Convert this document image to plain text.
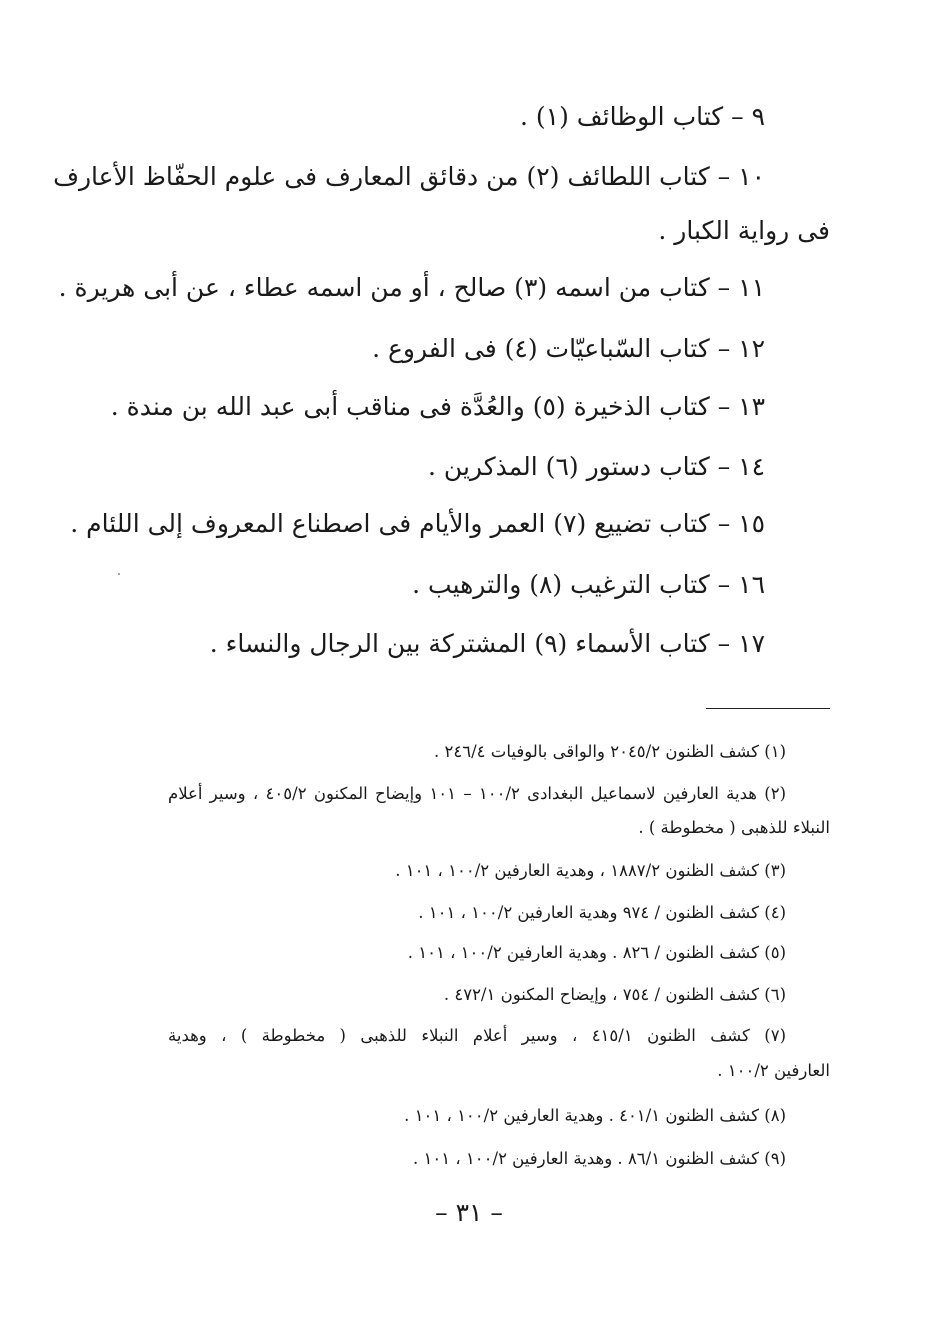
٩ – كتاب الوظائف (١) .
١٠ – كتاب اللطائف (٢) من دقائق المعارف فى علوم الحفّاظ الأعارف
فى رواية الكبار .
١١ – كتاب من اسمه (٣) صالح ، أو من اسمه عطاء ، عن أبى هريرة .
١٢ – كتاب السّباعيّات (٤) فى الفروع .
١٣ – كتاب الذخيرة (٥) والعُدَّة فى مناقب أبى عبد الله بن مندة .
١٤ – كتاب دستور (٦) المذكرين .
١٥ – كتاب تضييع (٧) العمر والأيام فى اصطناع المعروف إلى اللئام .
١٦ – كتاب الترغيب (٨) والترهيب .
١٧ – كتاب الأسماء (٩) المشتركة بين الرجال والنساء .
(١) كشف الظنون ٢٠٤٥/٢ والواقى بالوفيات ٢٤٦/٤ .
(٢) هدية العارفين لاسماعيل البغدادى ١٠٠/٢ – ١٠١ وإيضاح المكنون ٤٠٥/٢ ، وسير أعلام
النبلاء للذهبى ( مخطوطة ) .
(٣) كشف الظنون ١٨٨٧/٢ ، وهدية العارفين ١٠٠/٢ ، ١٠١ .
(٤) كشف الظنون / ٩٧٤ وهدية العارفين ١٠٠/٢ ، ١٠١ .
(٥) كشف الظنون / ٨٢٦ . وهدية العارفين ١٠٠/٢ ، ١٠١ .
(٦) كشف الظنون / ٧٥٤ ، وإيضاح المكنون ٤٧٢/١ .
(٧) كشف الظنون ٤١٥/١ ، وسير أعلام النبلاء للذهبى ( مخطوطة ) ، وهدية
العارفين ١٠٠/٢ .
(٨) كشف الظنون ٤٠١/١ . وهدية العارفين ١٠٠/٢ ، ١٠١ .
(٩) كشف الظنون ٨٦/١ . وهدية العارفين ١٠٠/٢ ، ١٠١ .
– ٣١ –
